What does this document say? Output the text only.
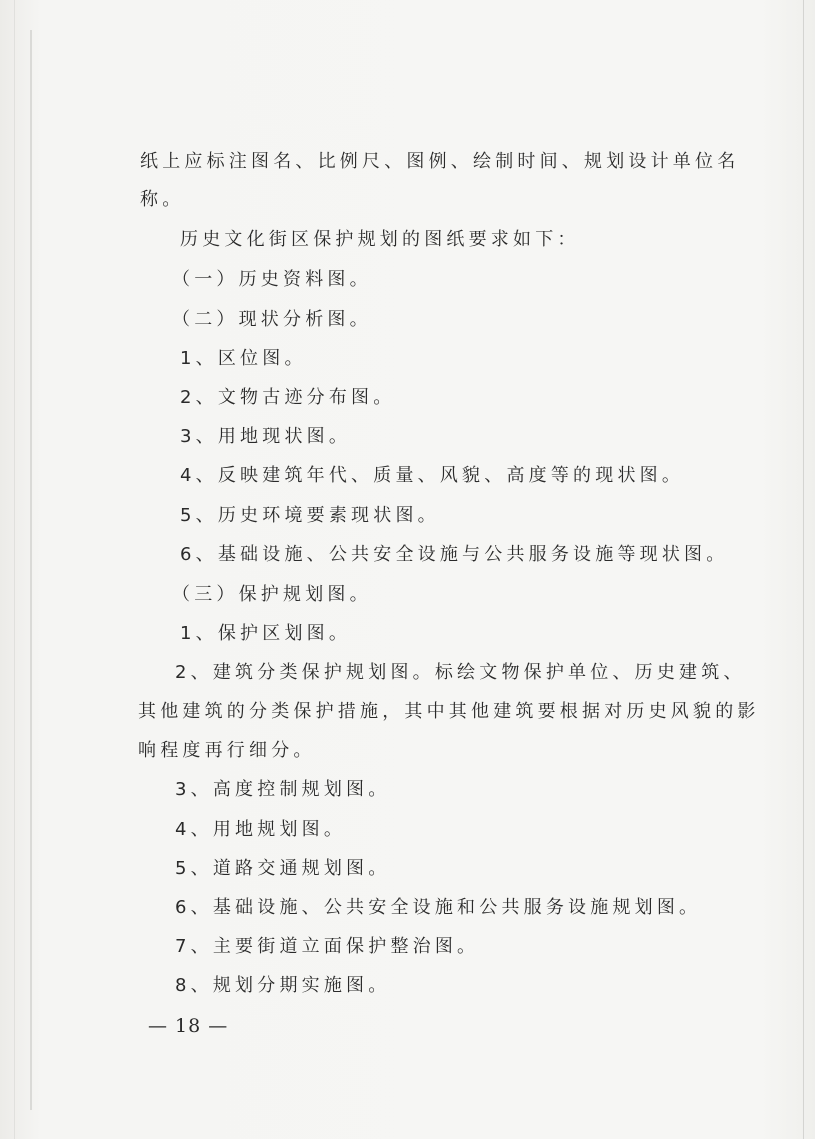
纸上应标注图名、比例尺、图例、绘制时间、规划设计单位名
称。
历史文化街区保护规划的图纸要求如下：
（一）历史资料图。
（二）现状分析图。
1、区位图。
2、文物古迹分布图。
3、用地现状图。
4、反映建筑年代、质量、风貌、高度等的现状图。
5、历史环境要素现状图。
6、基础设施、公共安全设施与公共服务设施等现状图。
（三）保护规划图。
1、保护区划图。
2、建筑分类保护规划图。标绘文物保护单位、历史建筑、
其他建筑的分类保护措施，其中其他建筑要根据对历史风貌的影
响程度再行细分。
3、高度控制规划图。
4、用地规划图。
5、道路交通规划图。
6、基础设施、公共安全设施和公共服务设施规划图。
7、主要街道立面保护整治图。
8、规划分期实施图。
— 18 —
